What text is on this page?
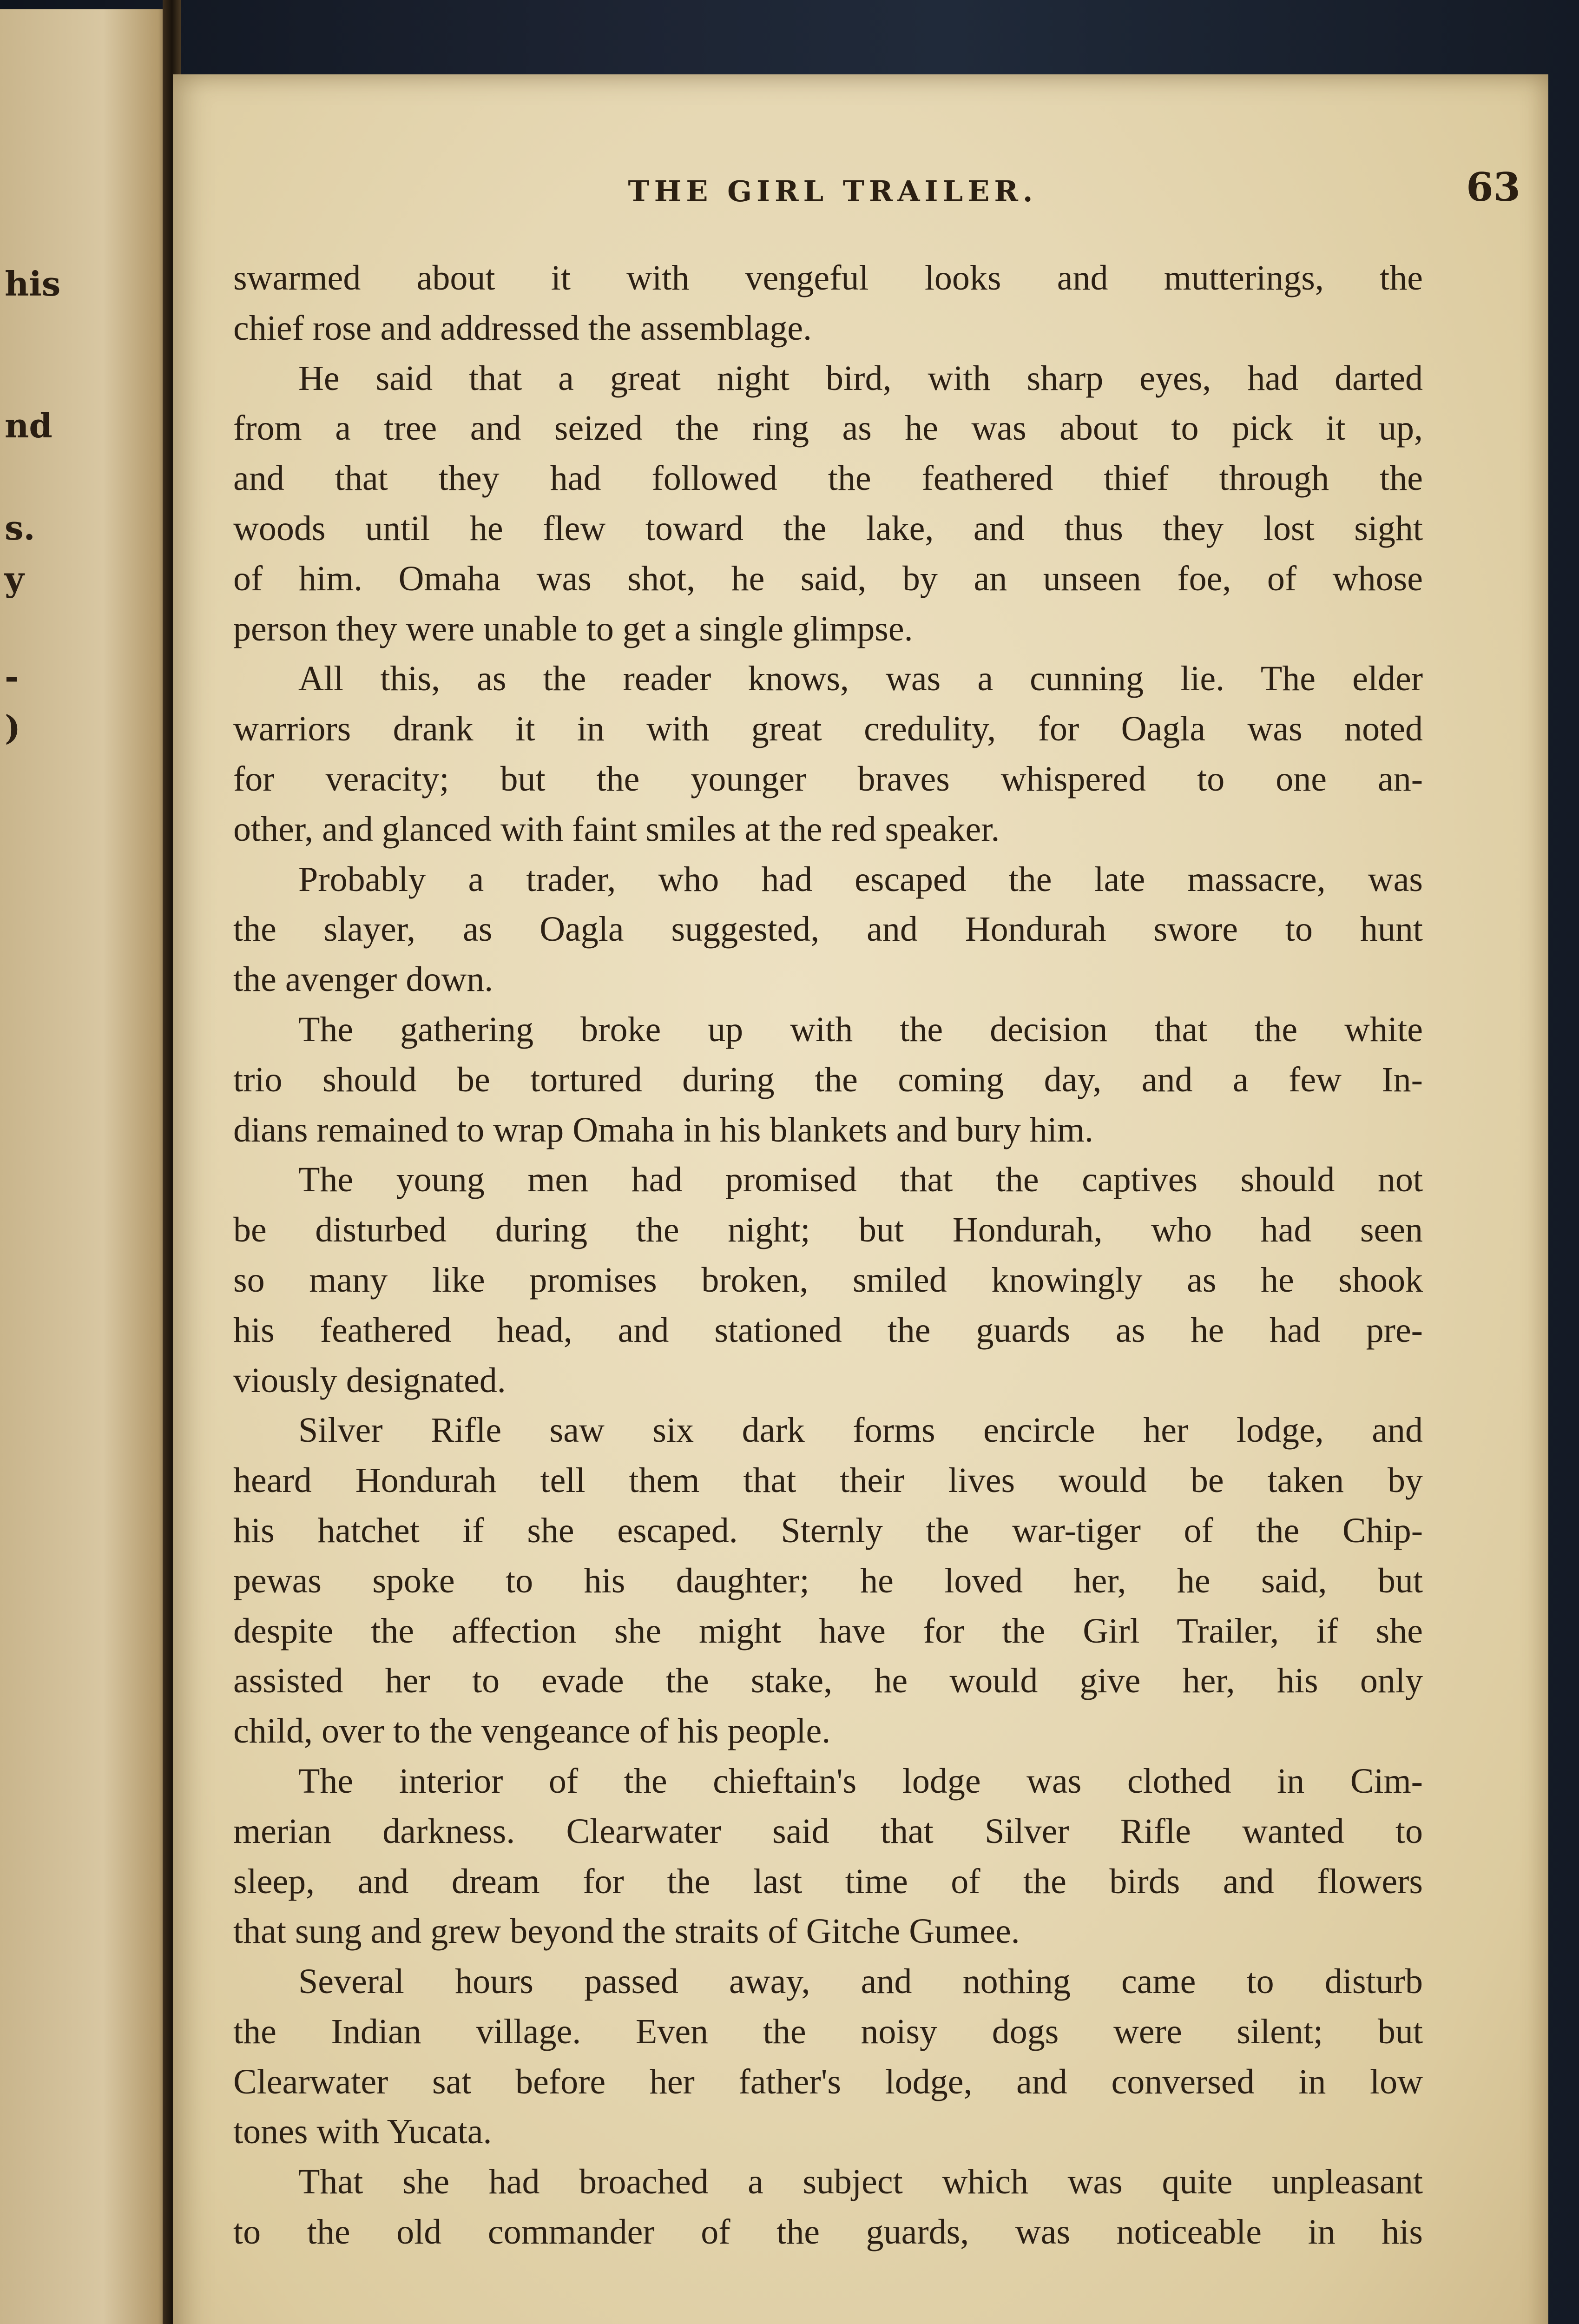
his
nd
s.
y
-
)
THE GIRL TRAILER.	63
swarmed about it with vengeful looks and mutterings, the
chief rose and addressed the assemblage.
He said that a great night bird, with sharp eyes, had darted
from a tree and seized the ring as he was about to pick it up,
and that they had followed the feathered thief through the
woods until he flew toward the lake, and thus they lost sight
of him. Omaha was shot, he said, by an unseen foe, of whose
person they were unable to get a single glimpse.
All this, as the reader knows, was a cunning lie. The elder
warriors drank it in with great credulity, for Oagla was noted
for veracity; but the younger braves whispered to one an-
other, and glanced with faint smiles at the red speaker.
Probably a trader, who had escaped the late massacre, was
the slayer, as Oagla suggested, and Hondurah swore to hunt
the avenger down.
The gathering broke up with the decision that the white
trio should be tortured during the coming day, and a few In-
dians remained to wrap Omaha in his blankets and bury him.
The young men had promised that the captives should not
be disturbed during the night; but Hondurah, who had seen
so many like promises broken, smiled knowingly as he shook
his feathered head, and stationed the guards as he had pre-
viously designated.
Silver Rifle saw six dark forms encircle her lodge, and
heard Hondurah tell them that their lives would be taken by
his hatchet if she escaped. Sternly the war-tiger of the Chip-
pewas spoke to his daughter; he loved her, he said, but
despite the affection she might have for the Girl Trailer, if she
assisted her to evade the stake, he would give her, his only
child, over to the vengeance of his people.
The interior of the chieftain's lodge was clothed in Cim-
merian darkness. Clearwater said that Silver Rifle wanted to
sleep, and dream for the last time of the birds and flowers
that sung and grew beyond the straits of Gitche Gumee.
Several hours passed away, and nothing came to disturb
the Indian village. Even the noisy dogs were silent; but
Clearwater sat before her father's lodge, and conversed in low
tones with Yucata.
That she had broached a subject which was quite unpleasant
to the old commander of the guards, was noticeable in his
